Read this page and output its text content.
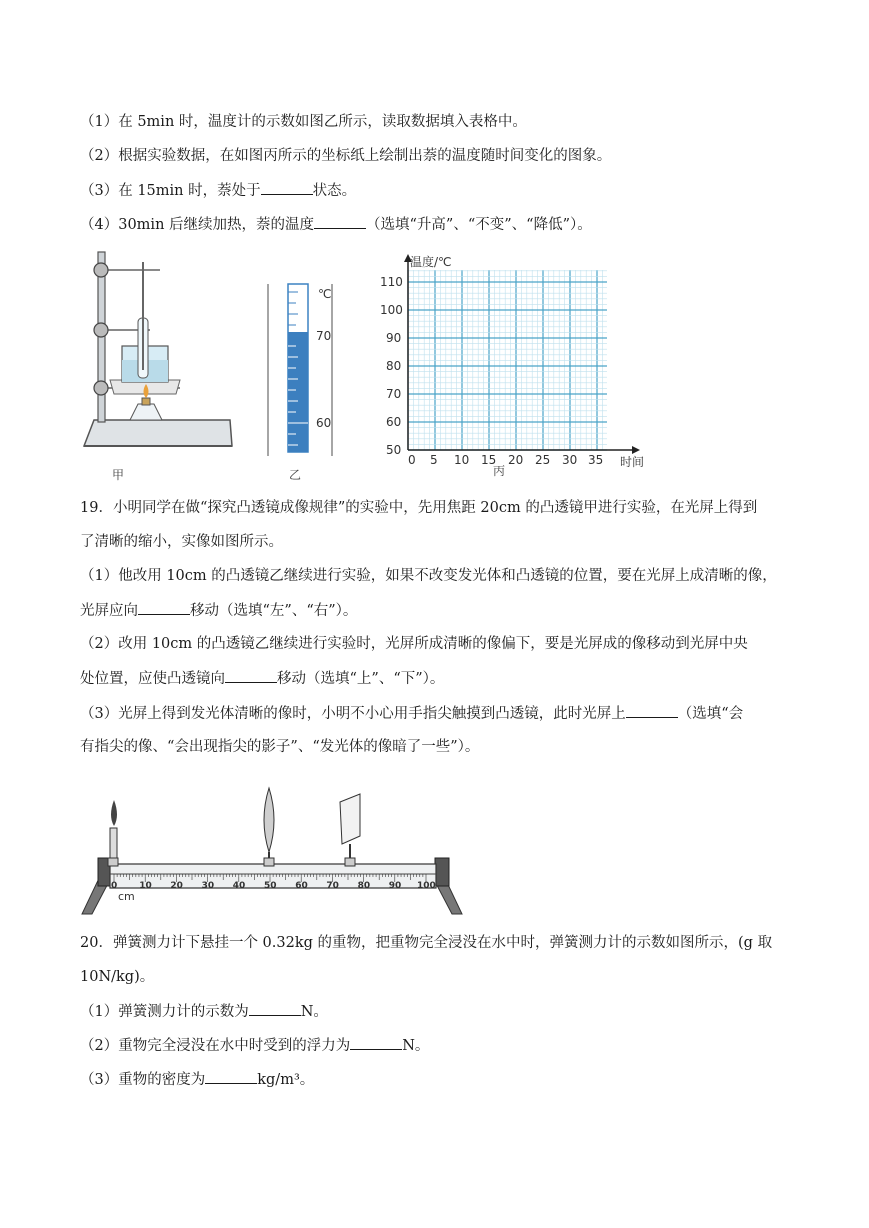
（1）在 5min 时，温度计的示数如图乙所示，读取数据填入表格中。
（2）根据实验数据，在如图丙所示的坐标纸上绘制出萘的温度随时间变化的图象。
（3）在 15min 时，萘处于	状态。
（4）30min 后继续加热，萘的温度	（选填“升高”、“不变”、“降低”）。
甲
℃
70
60
乙
温度/℃
时间
110
100
90
80
70
60
50
0 5 10 15 20 25 30 35
丙
19．小明同学在做“探究凸透镜成像规律”的实验中，先用焦距 20cm 的凸透镜甲进行实验，在光屏上得到
了清晰的缩小，实像如图所示。
（1）他改用 10cm 的凸透镜乙继续进行实验，如果不改变发光体和凸透镜的位置，要在光屏上成清晰的像，
光屏应向	移动（选填“左”、“右”）。
（2）改用 10cm 的凸透镜乙继续进行实验时，光屏所成清晰的像偏下，要是光屏成的像移动到光屏中央
处位置，应使凸透镜向	移动（选填“上”、“下”）。
（3）光屏上得到发光体清晰的像时，小明不小心用手指尖触摸到凸透镜，此时光屏上	（选填“会
有指尖的像、“会出现指尖的影子”、“发光体的像暗了一些”）。
0 10 20 30 40 50 60 70 80 90 100
cm
20．弹簧测力计下悬挂一个 0.32kg 的重物，把重物完全浸没在水中时，弹簧测力计的示数如图所示，(g 取
10N/kg)。
（1）弹簧测力计的示数为	N。
（2）重物完全浸没在水中时受到的浮力为	N。
（3）重物的密度为	kg/m³。
